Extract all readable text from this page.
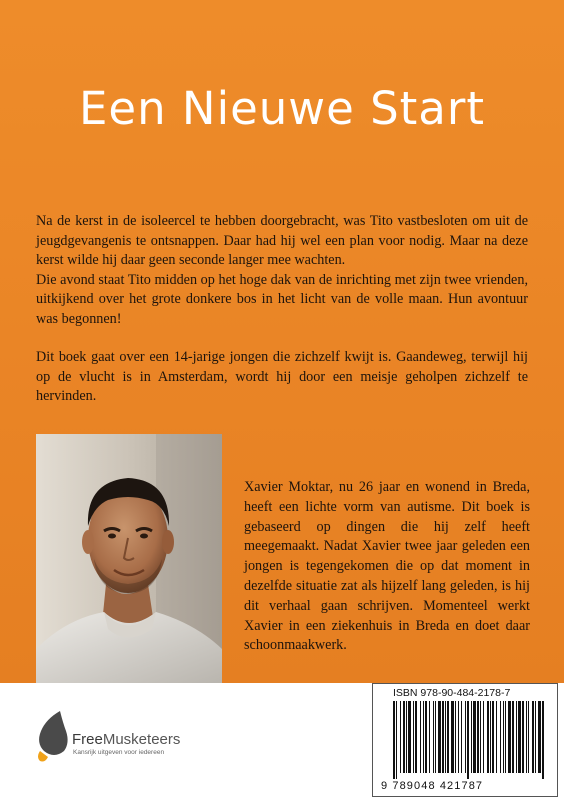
Een Nieuwe Start

Na de kerst in de isoleercel te hebben doorgebracht, was Tito vastbesloten om uit de jeugdgevangenis te ontsnappen. Daar had hij wel een plan voor nodig. Maar na deze kerst wilde hij daar geen seconde langer mee wachten.

Die avond staat Tito midden op het hoge dak van de inrichting met zijn twee vrienden, uitkijkend over het grote donkere bos in het licht van de volle maan. Hun avontuur was begonnen!

Dit boek gaat over een 14-jarige jongen die zichzelf kwijt is. Gaandeweg, terwijl hij op de vlucht is in Amsterdam, wordt hij door een meisje geholpen zichzelf te hervinden.

Xavier Moktar, nu 26 jaar en wonend in Breda, heeft een lichte vorm van autisme. Dit boek is gebaseerd op dingen die hij zelf heeft meegemaakt. Nadat Xavier twee jaar geleden een jongen is tegengekomen die op dat moment in dezelfde situatie zat als hijzelf lang geleden, is hij dit verhaal gaan schrijven. Momenteel werkt Xavier in een ziekenhuis in Breda en doet daar schoonmaakwerk.

FreeMusketeers
Kansrijk uitgeven voor iedereen
ISBN 978-90-484-2178-7
9 789048 421787
